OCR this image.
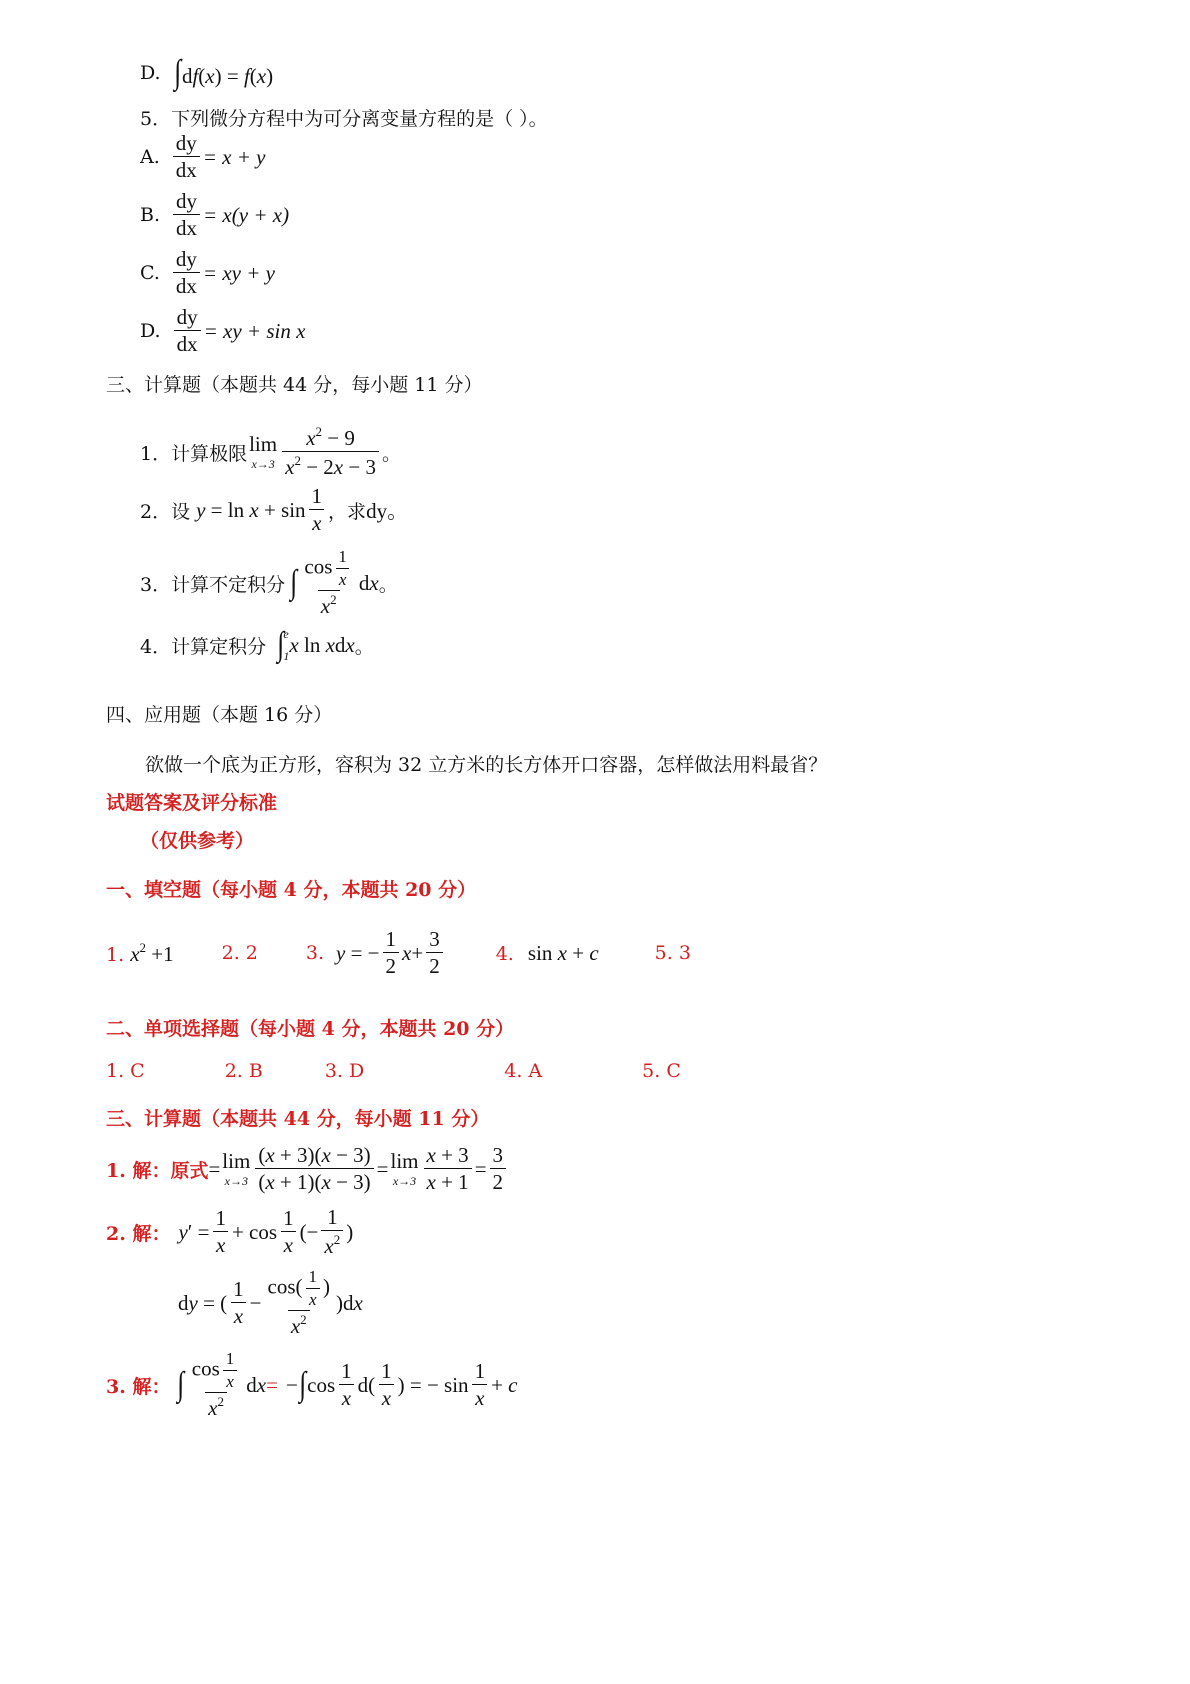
D. ∫df(x) = f(x)
5．下列微分方程中为可分离变量方程的是（ ）。
A. $\frac{dy}{dx} = x + y$
B. $\frac{dy}{dx} = x(y + x)$
C. $\frac{dy}{dx}$ = xy + y
D. $\frac{dy}{dx}$ = xy + sin x
三、计算题（本题共 44 分，每小题 11 分）
1．计算极限 lim
$x\to 3 \frac{x^2 - 9}{x^2 - 2x - 3}$ 。
2．设 $y = \ln x + \sin \frac{1}{x}$ ，求 dy。
3．计算不定积分 ∫ $\frac{\cos \frac{1}{x}}{x^2}$ dx 。
4．计算定积分 ∫ e
1 x ln xdx 。
四、应用题（本题 16 分）
欲做一个底为正方形，容积为 32 立方米的长方体开口容器，怎样做法用料最省？
试题答案及评分标准
（仅供参考）
一、填空题（每小题 4 分，本题共 20 分）
1. $x^2 +1$	2. 2	3. y = − $\frac{1}{2}$ $x + \frac{3}{2}$	4. sin x + c	5. 3
二、单项选择题（每小题 4 分，本题共 20 分）
1. C	2. B	3. D	4. A	5. C
三、计算题（本题共 44 分，每小题 11 分）
1. 解：原式 = lim
$x\to 3 \frac{(x + 3)(x - 3)}{(x + 1)(x - 3)} = \lim$
$x\to 3 \frac{x + 3}{x + 1} = \frac{3}{2}$
2. 解： $y' = \frac{1}{x} + \cos \frac{1}{x}$ (− $\frac{1}{x^2}$ )
dy = ( $\frac{1}{x} - \frac{\cos( \frac{1}{x} )}{x^2} )dx$
3. 解： ∫ $\frac{\cos \frac{1}{x}}{x^2}$ dx = − ∫ $\cos \frac{1}{x} d( \frac{1}{x}$ ) = − $\sin \frac{1}{x} + c$
